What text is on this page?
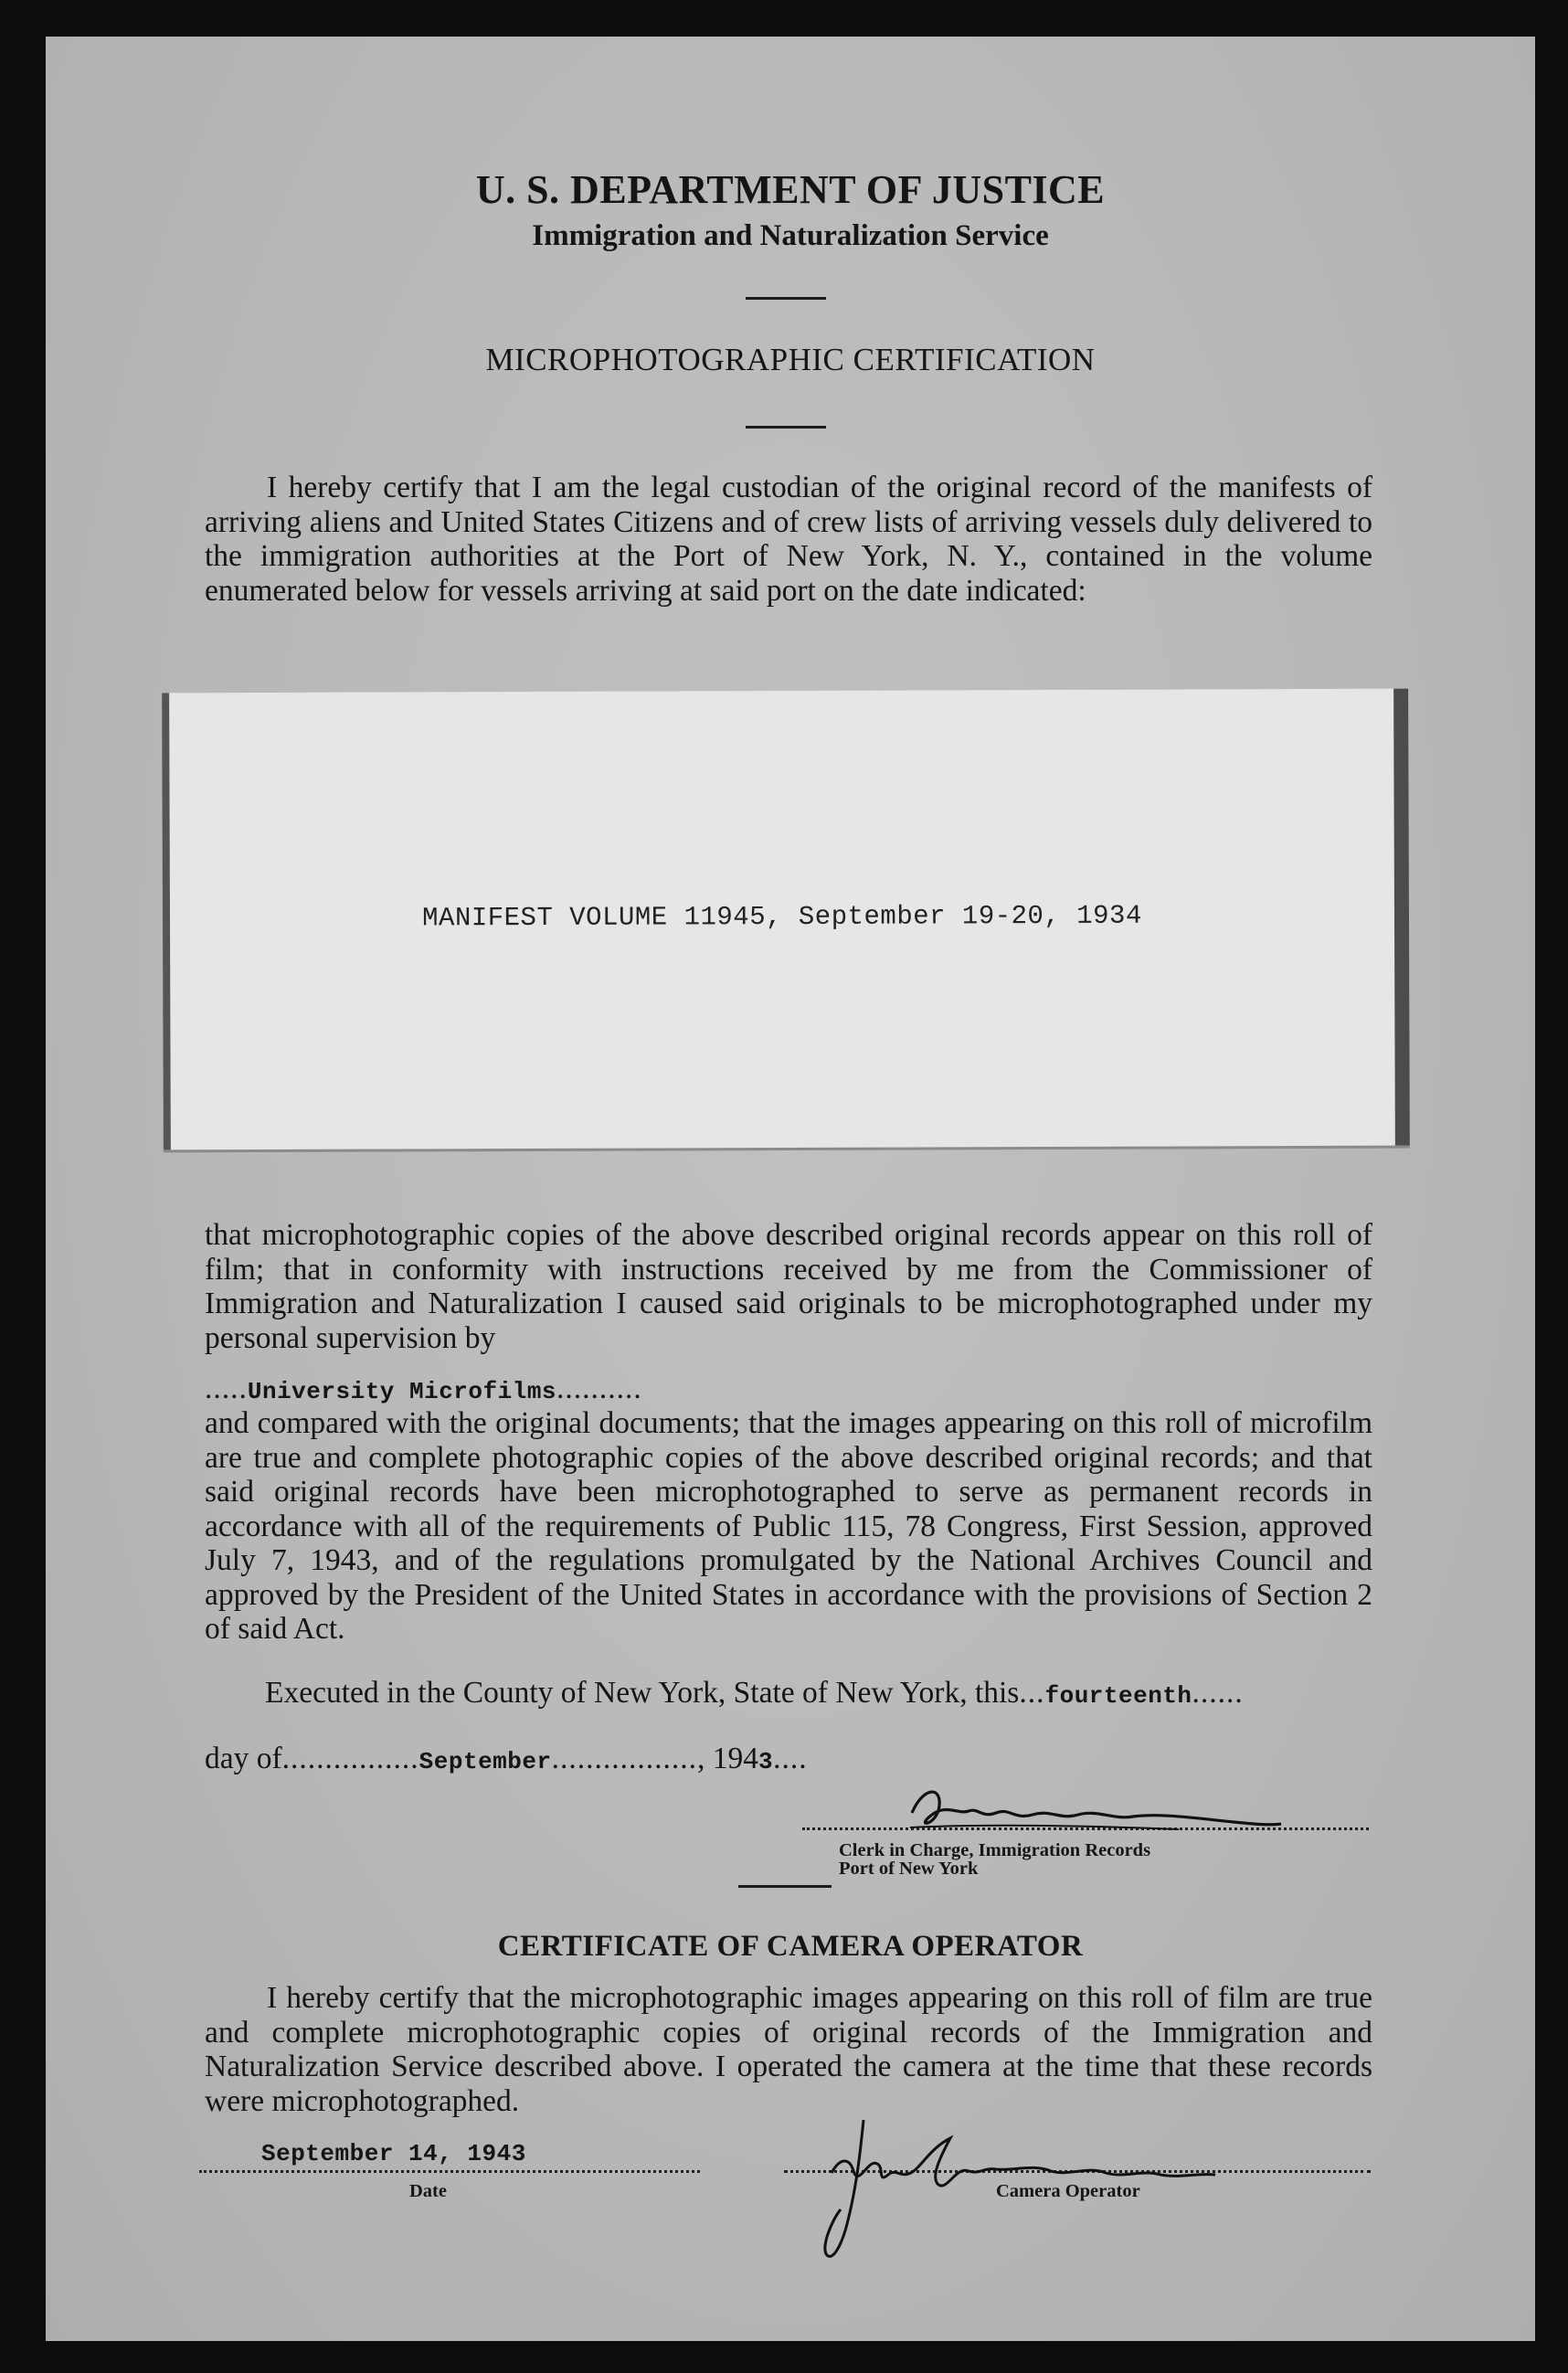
U. S. DEPARTMENT OF JUSTICE
Immigration and Naturalization Service
MICROPHOTOGRAPHIC CERTIFICATION

I hereby certify that I am the legal custodian of the original record of the manifests of arriving aliens and United States Citizens and of crew lists of arriving vessels duly delivered to the immigration authorities at the Port of New York, N. Y., contained in the volume enumerated below for vessels arriving at said port on the date indicated:

MANIFEST VOLUME 11945, September 19-20, 1934

that microphotographic copies of the above described original records appear on this roll of film; that in conformity with instructions received by me from the Commissioner of Immigration and Naturalization I caused said originals to be microphotographed under my personal supervision by

.....University Microfilms..........

and compared with the original documents; that the images appearing on this roll of microfilm are true and complete photographic copies of the above described original records; and that said original records have been microphotographed to serve as permanent records in accordance with all of the requirements of Public 115, 78 Congress, First Session, approved July 7, 1943, and of the regulations promulgated by the National Archives Council and approved by the President of the United States in accordance with the provisions of Section 2 of said Act.

Executed in the County of New York, State of New York, this...fourteenth......
day of................September................., 1943....
Clerk in Charge, Immigration Records
Port of New York
CERTIFICATE OF CAMERA OPERATOR

I hereby certify that the microphotographic images appearing on this roll of film are true and complete microphotographic copies of original records of the Immigration and Naturalization Service described above. I operated the camera at the time that these records were microphotographed.

September 14, 1943
Date	Camera Operator
